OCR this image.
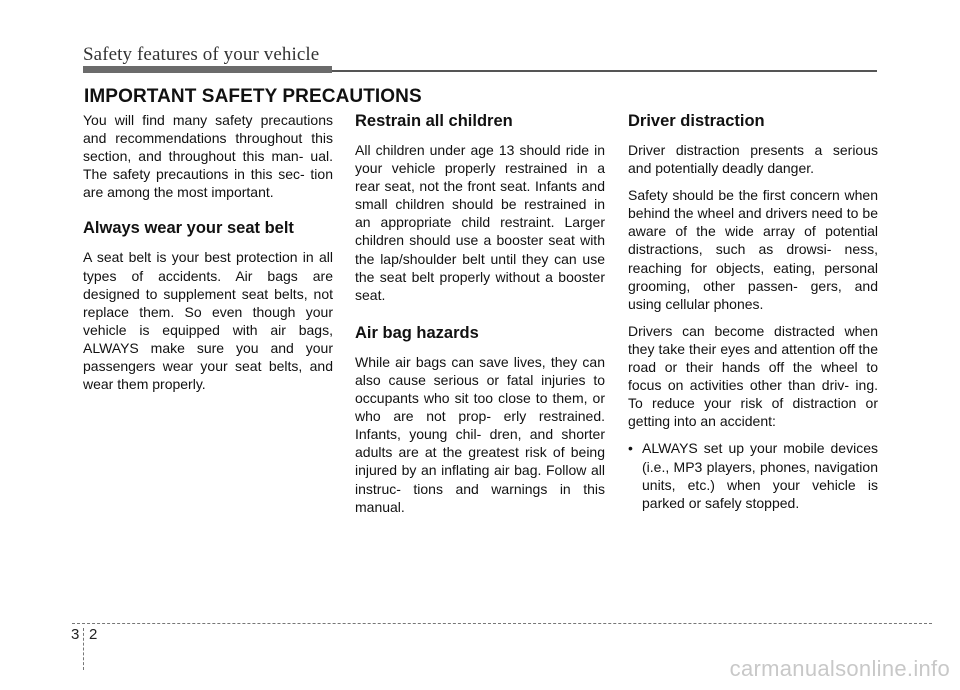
Safety features of your vehicle
IMPORTANT SAFETY PRECAUTIONS

You will find many safety precautions and recommendations throughout this section, and throughout this man- ual. The safety precautions in this sec- tion are among the most important.

Always wear your seat belt

A seat belt is your best protection in all types of accidents. Air bags are designed to supplement seat belts, not replace them. So even though your vehicle is equipped with air bags, ALWAYS make sure you and your passengers wear your seat belts, and wear them properly.

Restrain all children

All children under age 13 should ride in your vehicle properly restrained in a rear seat, not the front seat. Infants and small children should be restrained in an appropriate child restraint. Larger children should use a booster seat with the lap/shoulder belt until they can use the seat belt properly without a booster seat.

Air bag hazards

While air bags can save lives, they can also cause serious or fatal injuries to occupants who sit too close to them, or who are not prop- erly restrained. Infants, young chil- dren, and shorter adults are at the greatest risk of being injured by an inflating air bag. Follow all instruc- tions and warnings in this manual.

Driver distraction

Driver distraction presents a serious and potentially deadly danger.

Safety should be the first concern when behind the wheel and drivers need to be aware of the wide array of potential distractions, such as drowsi- ness, reaching for objects, eating, personal grooming, other passen- gers, and using cellular phones.

Drivers can become distracted when they take their eyes and attention off the road or their hands off the wheel to focus on activities other than driv- ing. To reduce your risk of distraction or getting into an accident:

• ALWAYS set up your mobile devices (i.e., MP3 players, phones, navigation units, etc.) when your vehicle is parked or safely stopped.
3 2
carmanualsonline.info
